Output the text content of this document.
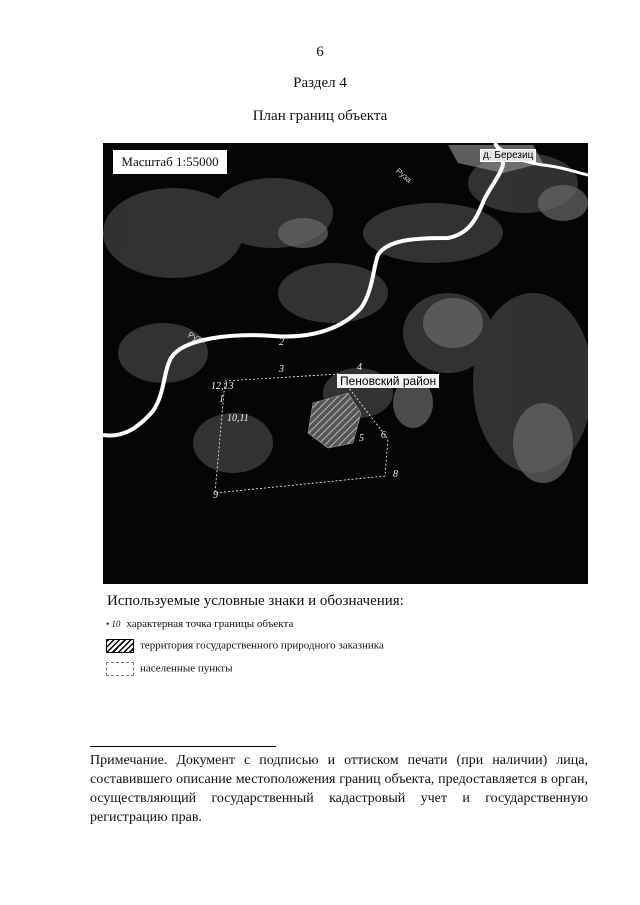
6
Раздел 4
План границ объекта
Масштаб 1:55000	д. Березиц
Пеновский район
Руза
Руза
2
3	4
12,13
1
10,11
5 6
8
9
Используемые условные знаки и обозначения:
• 10 характерная точка границы объекта
территория государственного природного заказника
населенные пункты
Примечание. Документ с подписью и оттиском печати (при наличии) лица, составившего описание местоположения границ объекта, предоставляется в орган, осуществляющий государственный кадастровый учет и государственную регистрацию прав.
